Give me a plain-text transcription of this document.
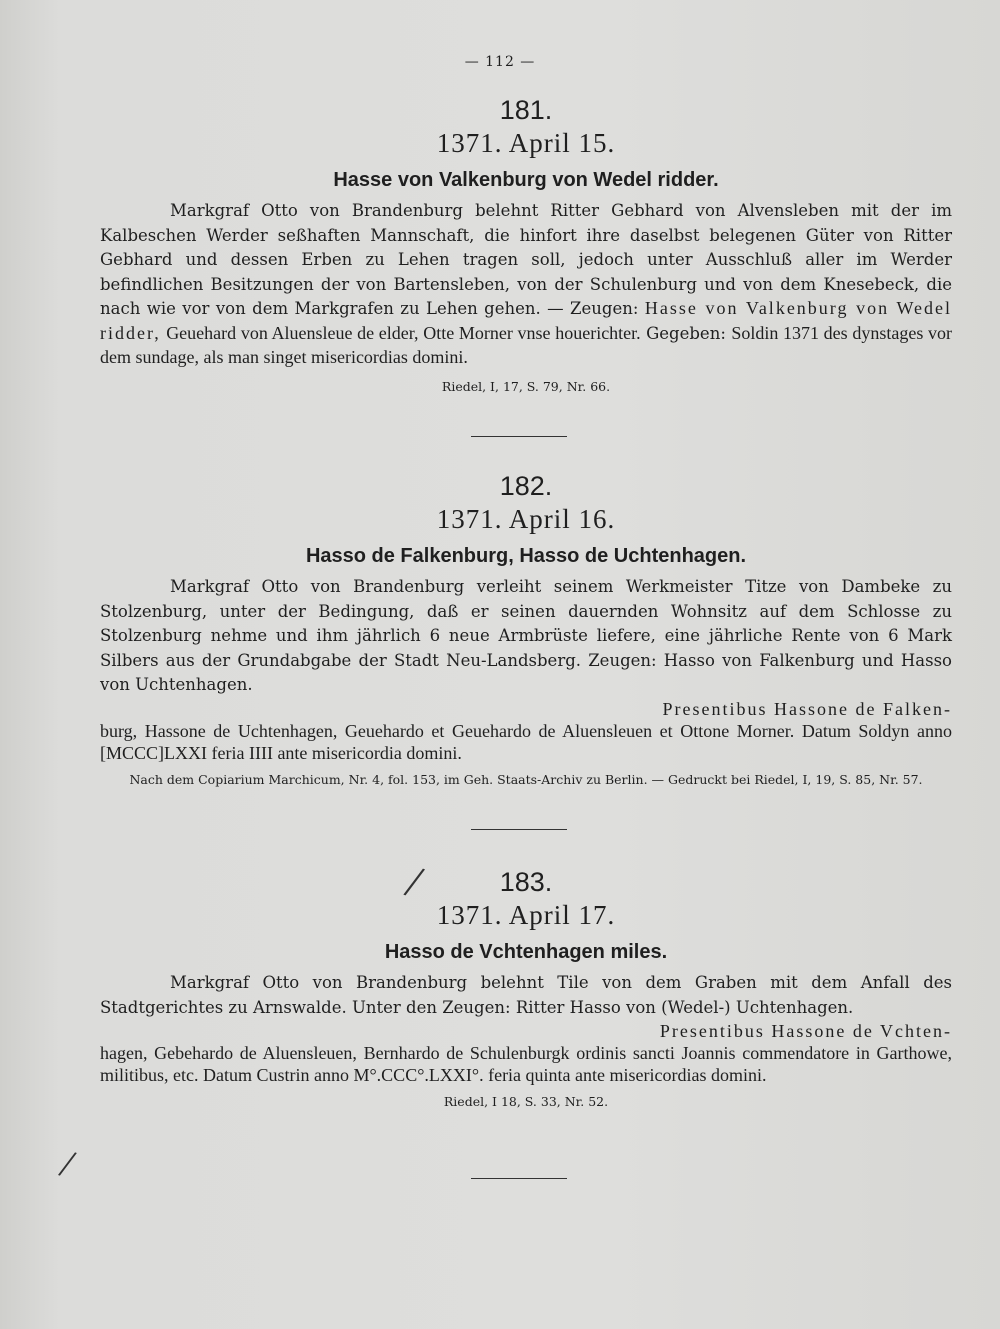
— 112 —
181.
1371. April 15.
Hasse von Valkenburg von Wedel ridder.
Markgraf Otto von Brandenburg belehnt Ritter Gebhard von Alvensleben mit der im Kalbeschen Werder seßhaften Mannschaft, die hinfort ihre daselbst belegenen Güter von Ritter Gebhard und dessen Erben zu Lehen tragen soll, jedoch unter Ausschluß aller im Werder befindlichen Besitzungen der von Bartensleben, von der Schulenburg und von dem Knesebeck, die nach wie vor von dem Markgrafen zu Lehen gehen. — Zeugen: Hasse von Valkenburg von Wedel ridder, Geuehard von Aluensleue de elder, Otte Morner vnse houerichter. Gegeben: Soldin 1371 des dynstages vor dem sundage, als man singet misericordias domini.
Riedel, I, 17, S. 79, Nr. 66.
182.
1371. April 16.
Hasso de Falkenburg, Hasso de Uchtenhagen.
Markgraf Otto von Brandenburg verleiht seinem Werkmeister Titze von Dambeke zu Stolzenburg, unter der Bedingung, daß er seinen dauernden Wohnsitz auf dem Schlosse zu Stolzenburg nehme und ihm jährlich 6 neue Armbrüste liefere, eine jährliche Rente von 6 Mark Silbers aus der Grundabgabe der Stadt Neu-Landsberg. Zeugen: Hasso von Falkenburg und Hasso von Uchtenhagen.
Presentibus Hassone de Falken-
burg, Hassone de Uchtenhagen, Geuehardo et Geuehardo de Aluensleuen et Ottone Morner. Datum Soldyn anno [MCCC]LXXI feria IIII ante misericordia domini.
Nach dem Copiarium Marchicum, Nr. 4, fol. 153, im Geh. Staats-Archiv zu Berlin. — Gedruckt bei Riedel, I, 19, S. 85, Nr. 57.
/	183.
1371. April 17.
Hasso de Vchtenhagen miles.
Markgraf Otto von Brandenburg belehnt Tile von dem Graben mit dem Anfall des Stadtgerichtes zu Arnswalde. Unter den Zeugen: Ritter Hasso von (Wedel-) Uchtenhagen.
Presentibus Hassone de Vchten-
hagen, Gebehardo de Aluensleuen, Bernhardo de Schulenburgk ordinis sancti Joannis commendatore in Garthowe, militibus, etc. Datum Custrin anno M°.CCC°.LXXI°. feria quinta ante misericordias domini.
Riedel, I 18, S. 33, Nr. 52.
/
